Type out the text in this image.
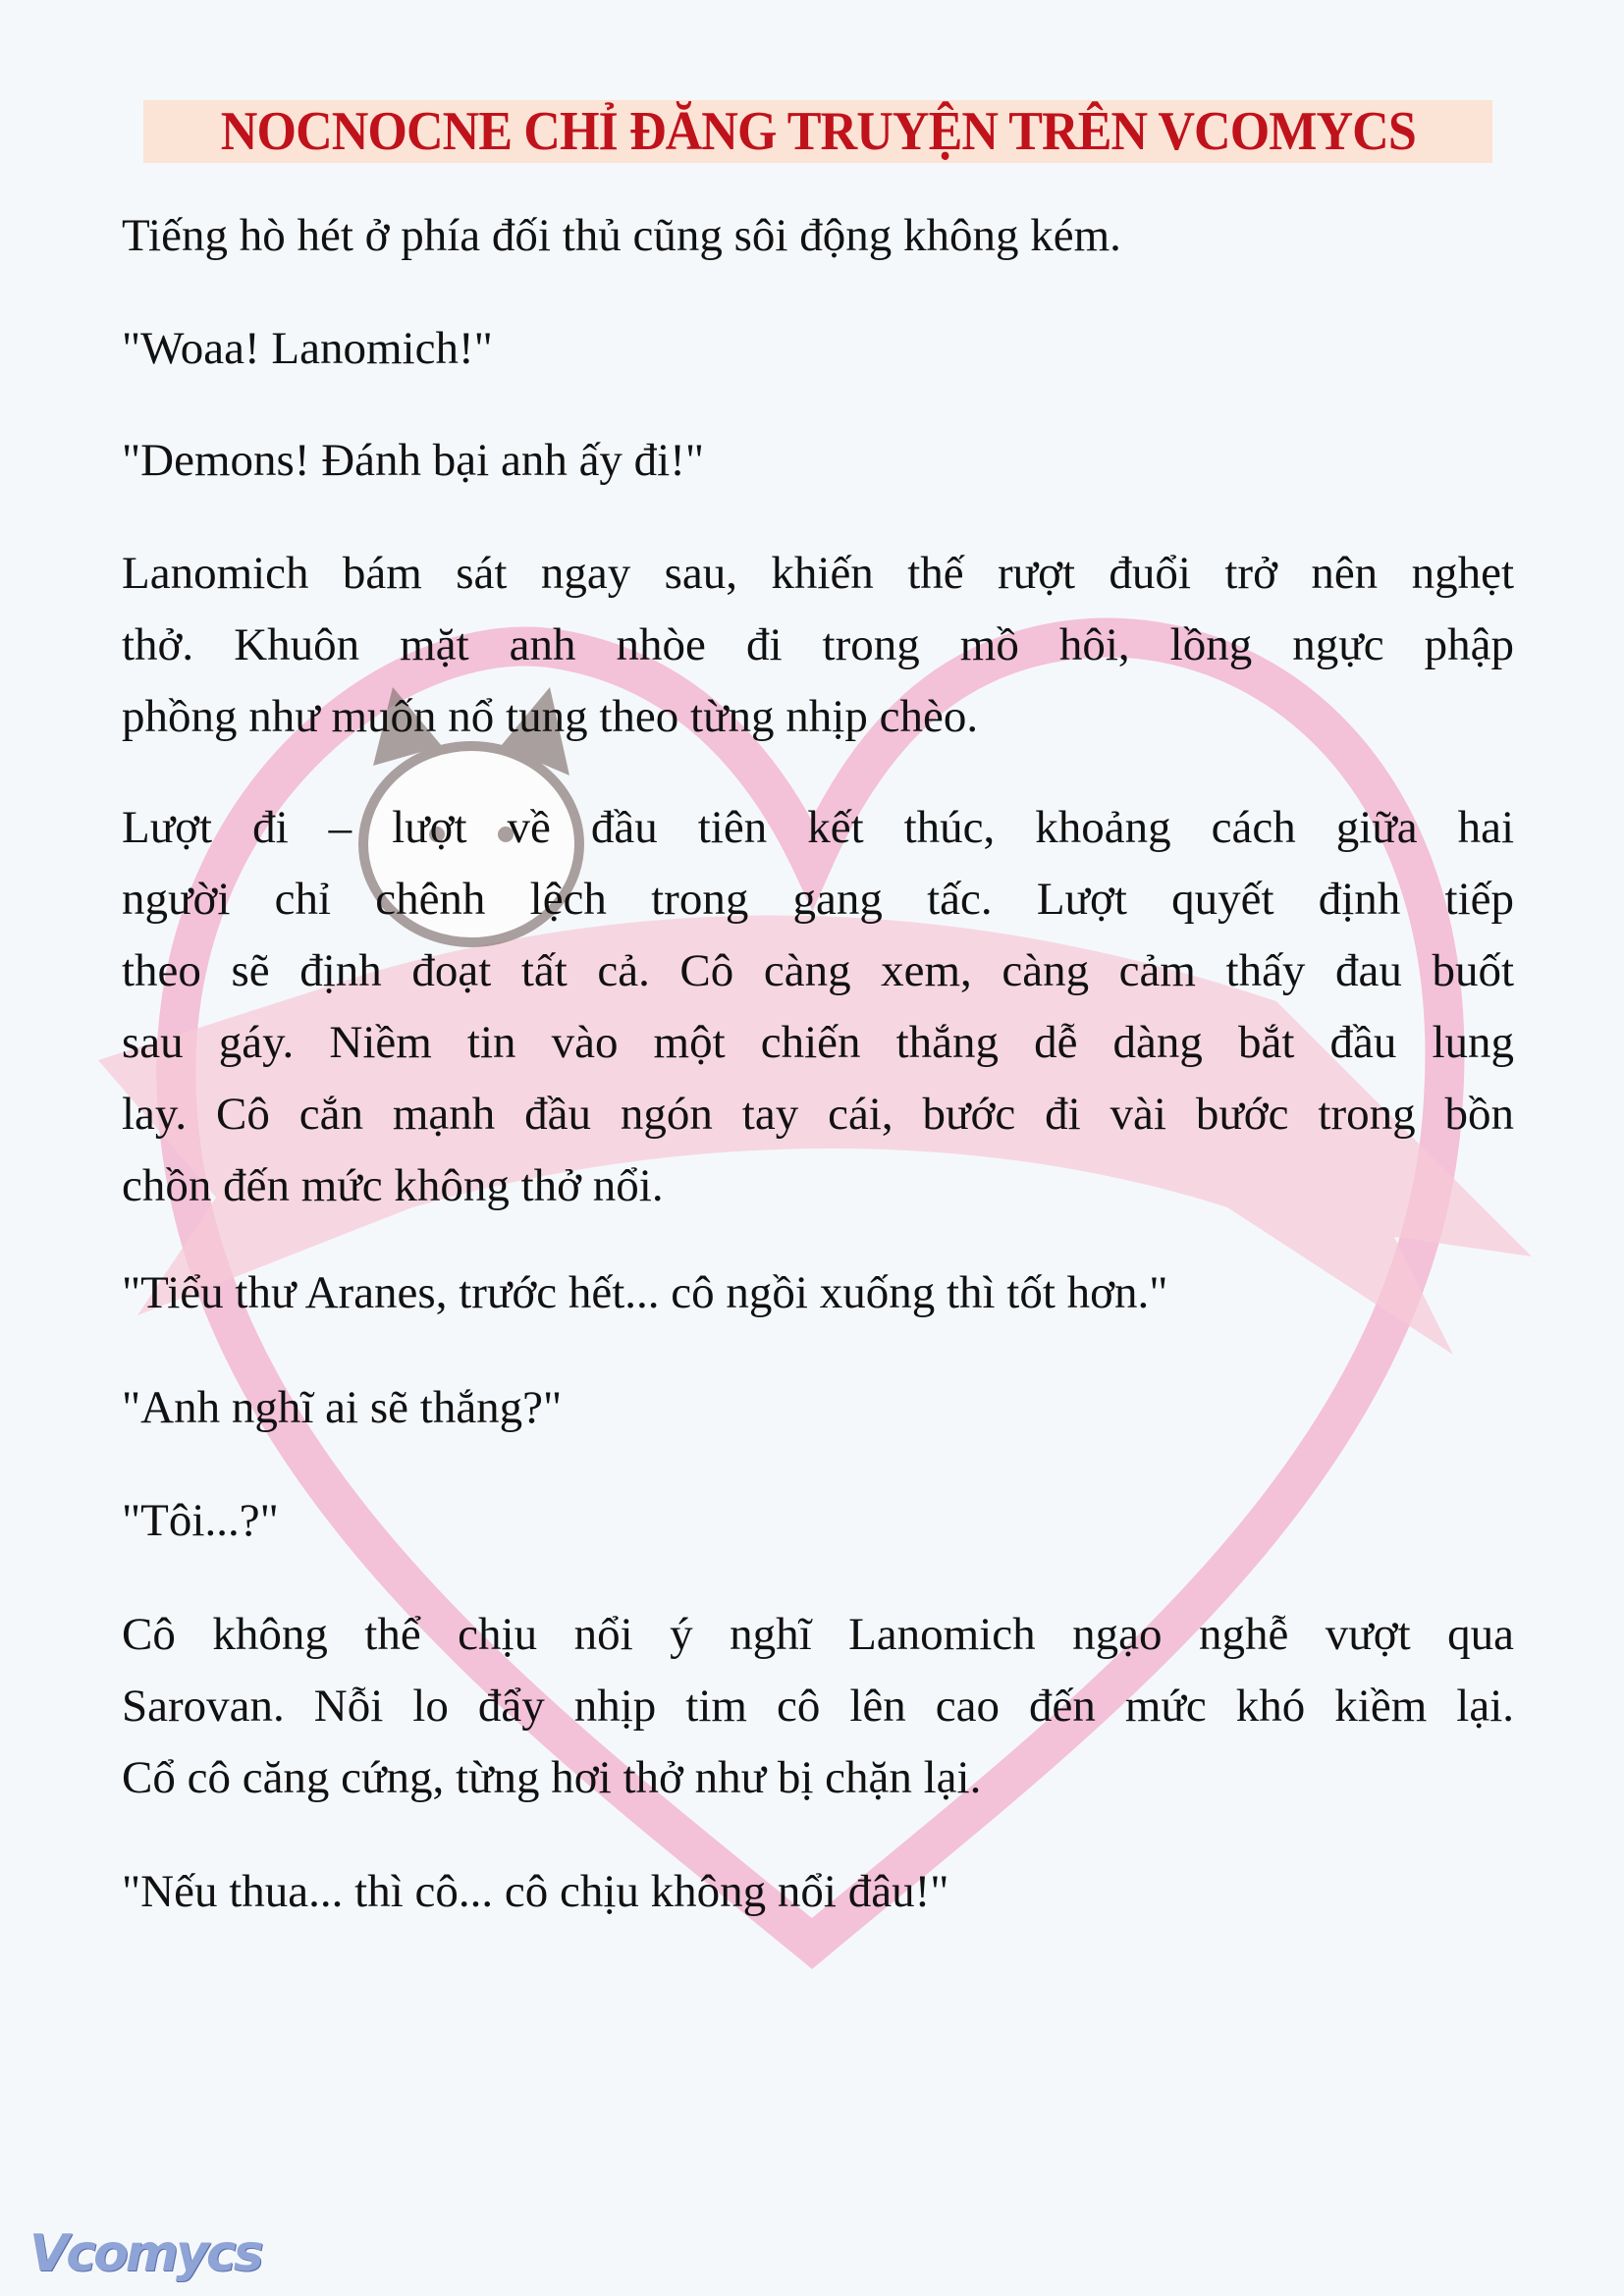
NOCNOCNE CHỈ ĐĂNG TRUYỆN TRÊN VCOMYCS
Tiếng hò hét ở phía đối thủ cũng sôi động không kém.
"Woaa! Lanomich!"
"Demons! Đánh bại anh ấy đi!"
Lanomich bám sát ngay sau, khiến thế rượt đuổi trở nên nghẹt
thở. Khuôn mặt anh nhòe đi trong mồ hôi, lồng ngực phập
phồng như muốn nổ tung theo từng nhịp chèo.
Lượt đi – lượt về đầu tiên kết thúc, khoảng cách giữa hai
người chỉ chênh lệch trong gang tấc. Lượt quyết định tiếp
theo sẽ định đoạt tất cả. Cô càng xem, càng cảm thấy đau buốt
sau gáy. Niềm tin vào một chiến thắng dễ dàng bắt đầu lung
lay. Cô cắn mạnh đầu ngón tay cái, bước đi vài bước trong bồn
chồn đến mức không thở nổi.
"Tiểu thư Aranes, trước hết... cô ngồi xuống thì tốt hơn."
"Anh nghĩ ai sẽ thắng?"
"Tôi...?"
Cô không thể chịu nổi ý nghĩ Lanomich ngạo nghễ vượt qua
Sarovan. Nỗi lo đẩy nhịp tim cô lên cao đến mức khó kiềm lại.
Cổ cô căng cứng, từng hơi thở như bị chặn lại.
"Nếu thua... thì cô... cô chịu không nổi đâu!"
Vcomycs
